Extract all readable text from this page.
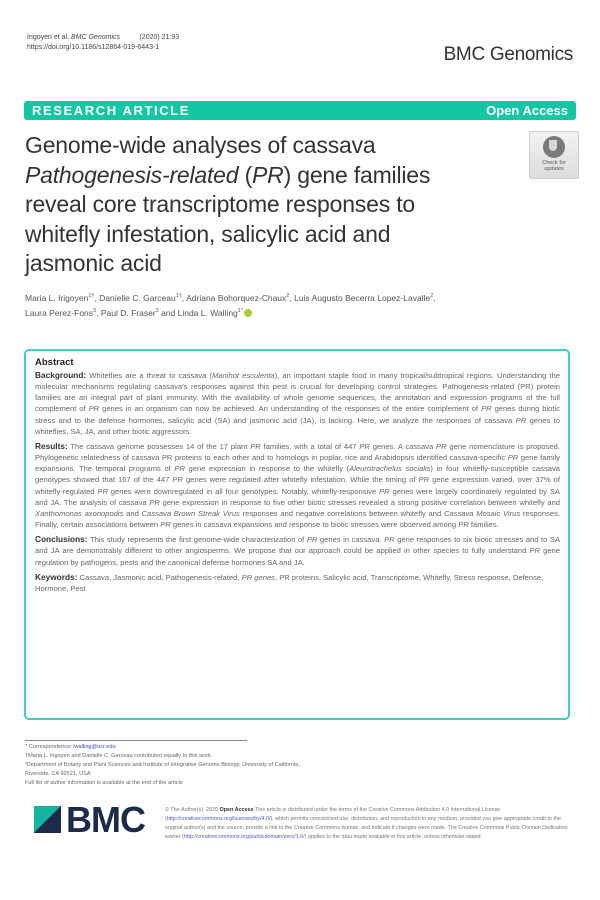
Irigoyen et al. BMC Genomics	(2020) 21:93
https://doi.org/10.1186/s12864-019-6443-1	BMC Genomics
RESEARCH ARTICLE	Open Access
Genome-wide analyses of cassava
Pathogenesis-related (PR) gene families
reveal core transcriptome responses to
whitefly infestation, salicylic acid and
jasmonic acid
Check for
updates
Maria L. Irigoyen$^{1\dagger}$, Danielle C. Garceau$^{1\dagger}$, Adriana Bohorquez-Chaux$^2$, Luis Augusto Becerra Lopez-Lavalle$^2$,
Laura Perez-Fons$^3$, Paul D. Fraser$^3$ and Linda L. Walling$^{1*}$
Abstract

Background: Whiteflies are a threat to cassava (Manihot esculenta), an important staple food in many tropical/subtropical regions. Understanding the molecular mechanisms regulating cassava's responses against this pest is crucial for developing control strategies. Pathogenesis-related (PR) protein families are an integral part of plant immunity. With the availability of whole genome sequences, the annotation and expression programs of the full complement of PR genes in an organism can now be achieved. An understanding of the responses of the entire complement of PR genes during biotic stress and to the defense hormones, salicylic acid (SA) and jasmonic acid (JA), is lacking. Here, we analyze the responses of cassava PR genes to whiteflies, SA, JA, and other biotic aggressors.

Results: The cassava genome possesses 14 of the 17 plant PR families, with a total of 447 PR genes. A cassava PR gene nomenclature is proposed. Phylogenetic relatedness of cassava PR proteins to each other and to homologs in poplar, rice and Arabidopsis identified cassava-specific PR gene family expansions. The temporal programs of PR gene expression in response to the whitefly (Aleurotrachelus socialis) in four whitefly-susceptible cassava genotypes showed that 167 of the 447 PR genes were regulated after whitefly infestation. While the timing of PR gene expression varied, over 37% of whitefly-regulated PR genes were downregulated in all four genotypes. Notably, whitefly-responsive PR genes were largely coordinately regulated by SA and JA. The analysis of cassava PR gene expression in response to five other biotic stresses revealed a strong positive correlation between whitefly and Xanthomonas axonopodis and Cassava Brown Streak Virus responses and negative correlations between whitefly and Cassava Mosaic Virus responses. Finally, certain associations between PR genes in cassava expansions and response to biotic stresses were observed among PR families.

Conclusions: This study represents the first genome-wide characterization of PR genes in cassava. PR gene responses to six biotic stresses and to SA and JA are demonstrably different to other angiosperms. We propose that our approach could be applied in other species to fully understand PR gene regulation by pathogens, pests and the canonical defense hormones SA and JA.

Keywords: Cassava, Jasmonic acid, Pathogenesis-related, PR genes, PR proteins, Salicylic acid, Transcriptome, Whitefly, Stress response, Defense, Hormone, Pest

* Correspondence: lwalling@ucr.edu
†Maria L. Irigoyen and Danielle C. Garceau contributed equally to this work.
¹Department of Botany and Plant Sciences and Institute of Integrative Genome Biology, University of California, Riverside, CA 92521, USA
Full list of author information is available at the end of the article
BMC	© The Author(s). 2020 Open Access This article is distributed under the terms of the Creative Commons Attribution 4.0 International License (http://creativecommons.org/licenses/by/4.0/), which permits unrestricted use, distribution, and reproduction in any medium, provided you give appropriate credit to the original author(s) and the source, provide a link to the Creative Commons license, and indicate if changes were made. The Creative Commons Public Domain Dedication waiver (http://creativecommons.org/publicdomain/zero/1.0/) applies to the data made available in this article, unless otherwise stated.
